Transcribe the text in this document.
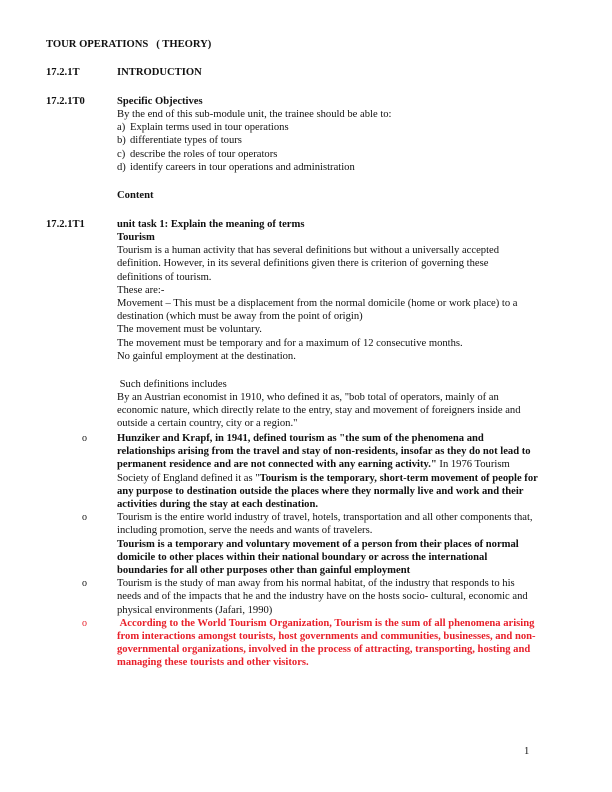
TOUR OPERATIONS   ( THEORY)
17.2.1T	INTRODUCTION
17.2.1T0	Specific Objectives
By the end of this sub-module unit, the trainee should be able to:
a) Explain terms used in tour operations
b) differentiate types of tours
c) describe the roles of tour operators
d) identify careers in tour operations and administration
Content
17.2.1T1	unit task 1: Explain the meaning of terms
Tourism
Tourism is a human activity that has several definitions but without a universally accepted definition. However, in its several definitions given there is criterion of governing these definitions of tourism.
These are:-
Movement – This must be a displacement from the normal domicile (home or work place) to a destination (which must be away from the point of origin)
The movement must be voluntary.
The movement must be temporary and for a maximum of 12 consecutive months.
No gainful employment at the destination.
Such definitions includes
By an Austrian economist in 1910, who defined it as, "bob total of operators, mainly of an economic nature, which directly relate to the entry, stay and movement of foreigners inside and outside a certain country, city or a region."
o	Hunziker and Krapf, in 1941, defined tourism as "the sum of the phenomena and relationships arising from the travel and stay of non-residents, insofar as they do not lead to permanent residence and are not connected with any earning activity." In 1976 Tourism Society of England defined it as "Tourism is the temporary, short-term movement of people for any purpose to destination outside the places where they normally live and work and their activities during the stay at each destination.
o	Tourism is the entire world industry of travel, hotels, transportation and all other components that, including promotion, serve the needs and wants of travelers.
Tourism is a temporary and voluntary movement of a person from their places of normal domicile to other places within their national boundary or across the international boundaries for all other purposes other than gainful employment
o	Tourism is the study of man away from his normal habitat, of the industry that responds to his needs and of the impacts that he and the industry have on the hosts socio- cultural, economic and physical environments (Jafari, 1990)
o	According to the World Tourism Organization, Tourism is the sum of all phenomena arising from interactions amongst tourists, host governments and communities, businesses, and non-governmental organizations, involved in the process of attracting, transporting, hosting and managing these tourists and other visitors.
1
